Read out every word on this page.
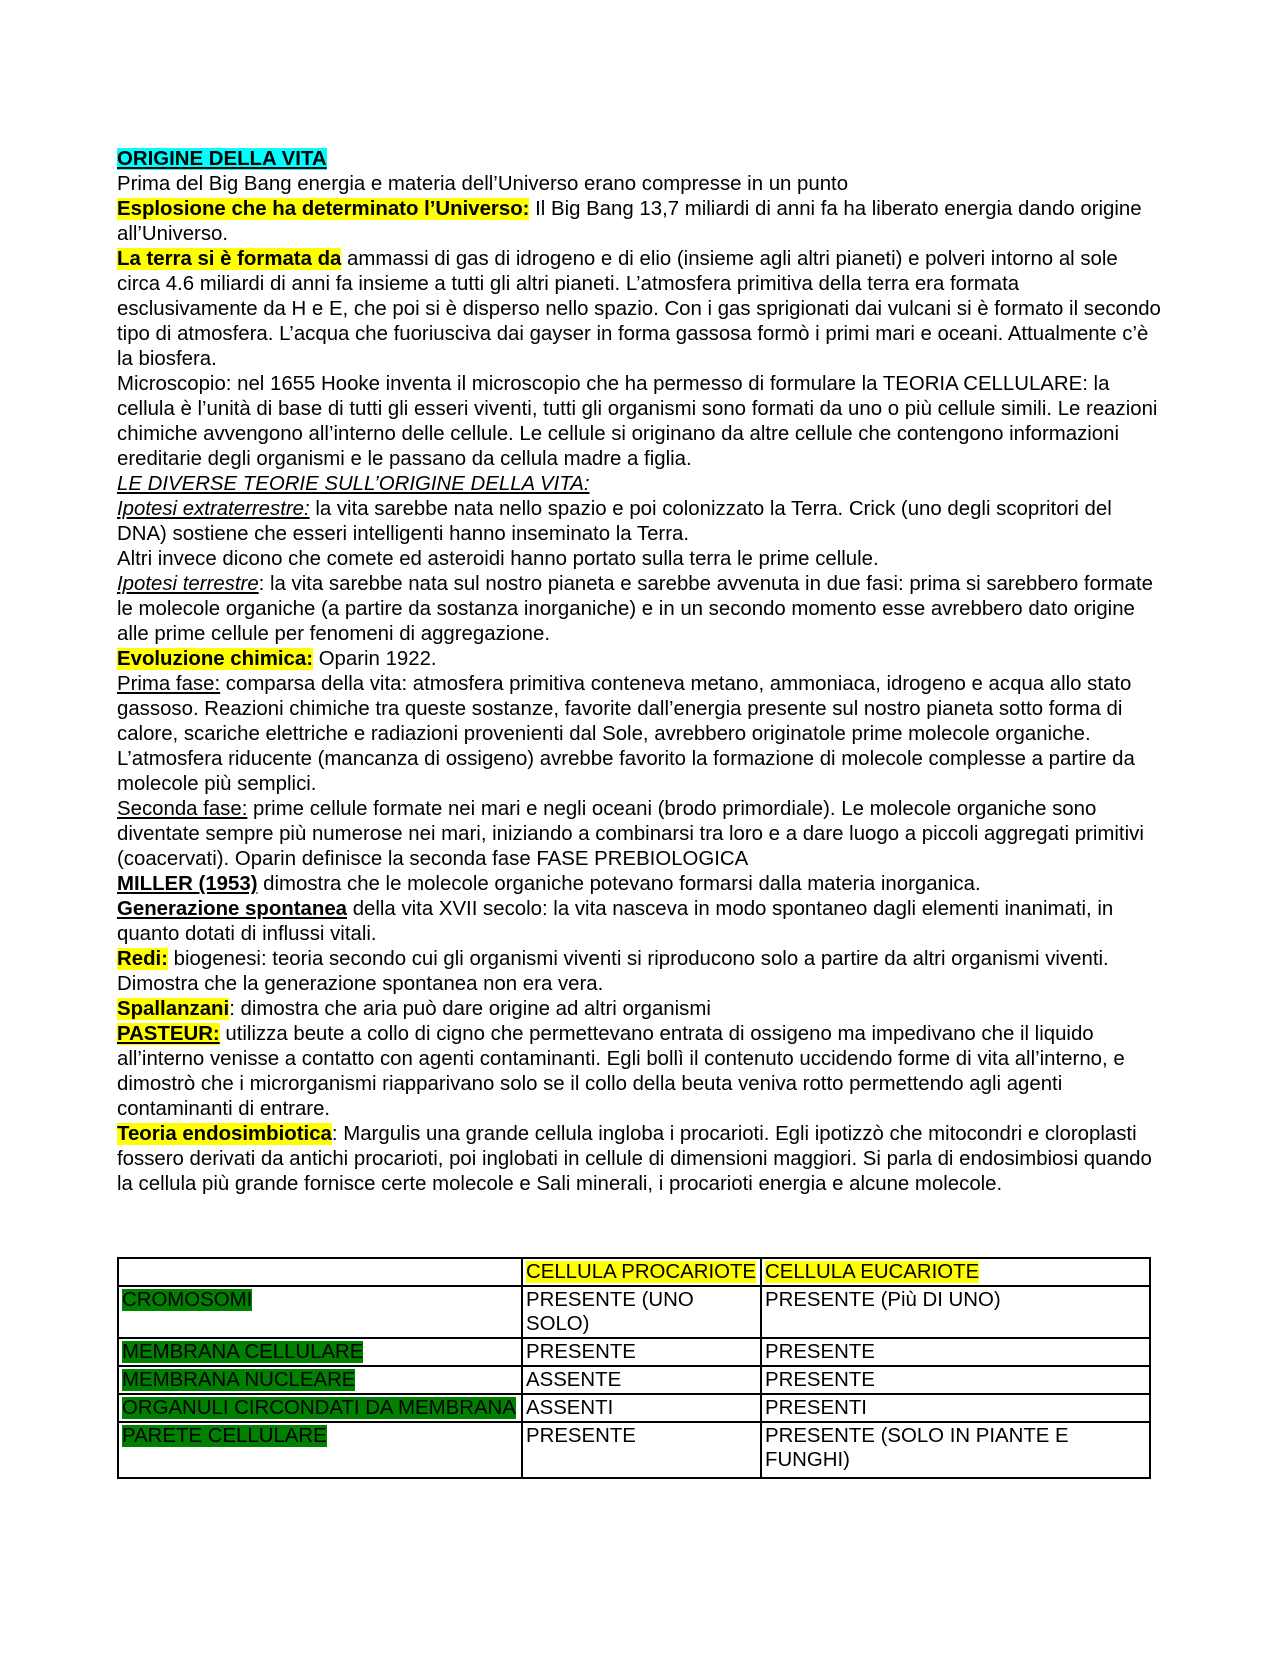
ORIGINE DELLA VITA

Prima del Big Bang energia e materia dell’Universo erano compresse in un punto

Esplosione che ha determinato l’Universo: Il Big Bang 13,7 miliardi di anni fa ha liberato energia dando origine all’Universo.

La terra si è formata da ammassi di gas di idrogeno e di elio (insieme agli altri pianeti) e polveri intorno al sole circa 4.6 miliardi di anni fa insieme a tutti gli altri pianeti. L’atmosfera primitiva della terra era formata esclusivamente da H e E, che poi si è disperso nello spazio. Con i gas sprigionati dai vulcani si è formato il secondo tipo di atmosfera. L’acqua che fuoriusciva dai gayser in forma gassosa formò i primi mari e oceani. Attualmente c’è la biosfera.

Microscopio: nel 1655 Hooke inventa il microscopio che ha permesso di formulare la TEORIA CELLULARE: la cellula è l’unità di base di tutti gli esseri viventi, tutti gli organismi sono formati da uno o più cellule simili. Le reazioni chimiche avvengono all’interno delle cellule. Le cellule si originano da altre cellule che contengono informazioni ereditarie degli organismi e le passano da cellula madre a figlia.

LE DIVERSE TEORIE SULL’ORIGINE DELLA VITA:

Ipotesi extraterrestre: la vita sarebbe nata nello spazio e poi colonizzato la Terra. Crick (uno degli scopritori del DNA) sostiene che esseri intelligenti hanno inseminato la Terra.

Altri invece dicono che comete ed asteroidi hanno portato sulla terra le prime cellule.

Ipotesi terrestre: la vita sarebbe nata sul nostro pianeta e sarebbe avvenuta in due fasi: prima si sarebbero formate le molecole organiche (a partire da sostanza inorganiche) e in un secondo momento esse avrebbero dato origine alle prime cellule per fenomeni di aggregazione.

Evoluzione chimica: Oparin 1922.

Prima fase: comparsa della vita: atmosfera primitiva conteneva metano, ammoniaca, idrogeno e acqua allo stato gassoso. Reazioni chimiche tra queste sostanze, favorite dall’energia presente sul nostro pianeta sotto forma di calore, scariche elettriche e radiazioni provenienti dal Sole, avrebbero originatole prime molecole organiche. L’atmosfera riducente (mancanza di ossigeno) avrebbe favorito la formazione di molecole complesse a partire da molecole più semplici.

Seconda fase: prime cellule formate nei mari e negli oceani (brodo primordiale). Le molecole organiche sono diventate sempre più numerose nei mari, iniziando a combinarsi tra loro e a dare luogo a piccoli aggregati primitivi (coacervati). Oparin definisce la seconda fase FASE PREBIOLOGICA

MILLER (1953) dimostra che le molecole organiche potevano formarsi dalla materia inorganica.

Generazione spontanea della vita XVII secolo: la vita nasceva in modo spontaneo dagli elementi inanimati, in quanto dotati di influssi vitali.

Redi: biogenesi: teoria secondo cui gli organismi viventi si riproducono solo a partire da altri organismi viventi. Dimostra che la generazione spontanea non era vera.

Spallanzani: dimostra che aria può dare origine ad altri organismi

PASTEUR: utilizza beute a collo di cigno che permettevano entrata di ossigeno ma impedivano che il liquido all’interno venisse a contatto con agenti contaminanti. Egli bollì il contenuto uccidendo forme di vita all’interno, e dimostrò che i microrganismi riapparivano solo se il collo della beuta veniva rotto permettendo agli agenti contaminanti di entrare.

Teoria endosimbiotica: Margulis una grande cellula ingloba i procarioti. Egli ipotizzò che mitocondri e cloroplasti fossero derivati da antichi procarioti, poi inglobati in cellule di dimensioni maggiori. Si parla di endosimbiosi quando la cellula più grande fornisce certe molecole e Sali minerali, i procarioti energia e alcune molecole.

	CELLULA PROCARIOTE	CELLULA EUCARIOTE
CROMOSOMI	PRESENTE (UNO SOLO)	PRESENTE (Più DI UNO)
MEMBRANA CELLULARE	PRESENTE	PRESENTE
MEMBRANA NUCLEARE	ASSENTE	PRESENTE
ORGANULI CIRCONDATI DA MEMBRANA	ASSENTI	PRESENTI
PARETE CELLULARE	PRESENTE	PRESENTE (SOLO IN PIANTE E FUNGHI)
